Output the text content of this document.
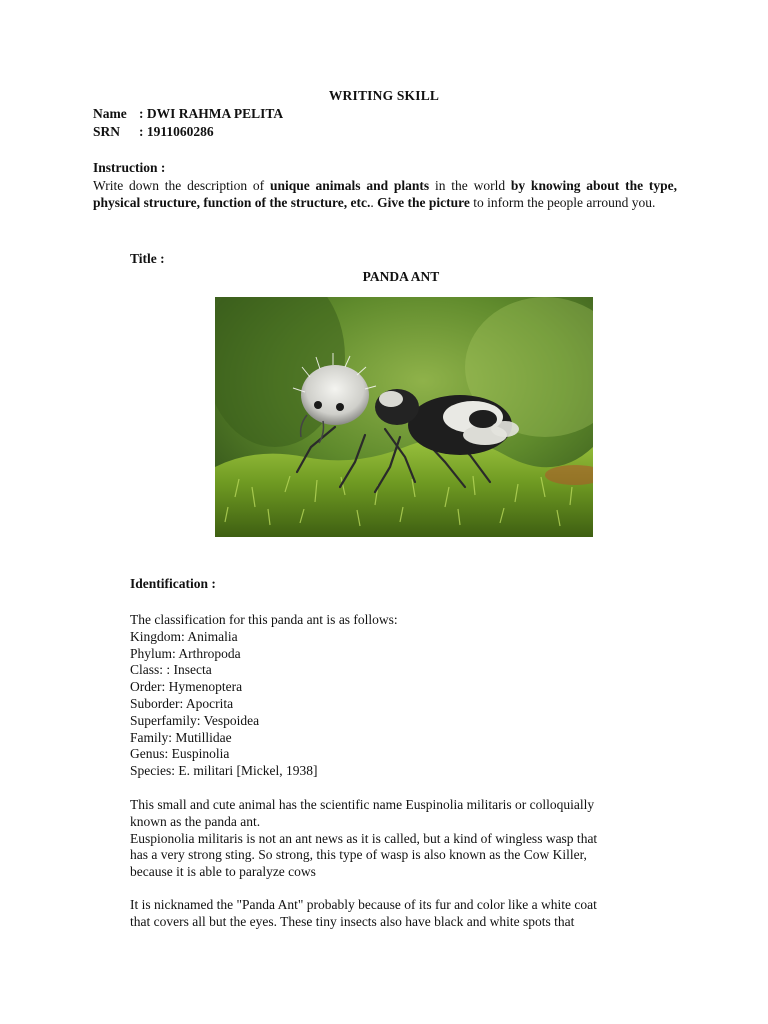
WRITING SKILL
Name : DWI RAHMA PELITA
SRN : 1911060286
Instruction :
Write down the description of unique animals and plants in the world by knowing about the type, physical structure, function of the structure, etc.. Give the picture to inform the people arround you.
Title :
PANDA ANT
Identification :

The classification for this panda ant is as follows:

Kingdom: Animalia

Phylum: Arthropoda

Class: : Insecta

Order: Hymenoptera

Suborder: Apocrita

Superfamily: Vespoidea

Family: Mutillidae

Genus: Euspinolia

Species: E. militari [Mickel, 1938]

This small and cute animal has the scientific name Euspinolia militaris or colloquially

known as the panda ant.

Euspionolia militaris is not an ant news as it is called, but a kind of wingless wasp that

has a very strong sting. So strong, this type of wasp is also known as the Cow Killer,

because it is able to paralyze cows

It is nicknamed the "Panda Ant" probably because of its fur and color like a white coat

that covers all but the eyes. These tiny insects also have black and white spots that
